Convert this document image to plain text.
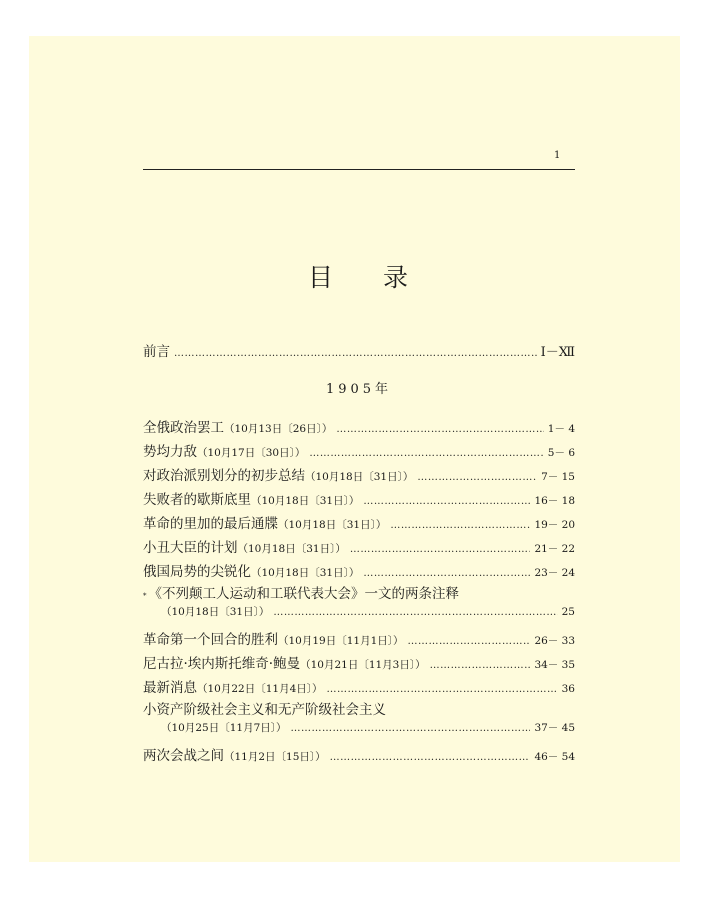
1
目 录
前言 ………………………………………………………………………………………………………………………………	Ⅰ－Ⅻ
1905年
全俄政治罢工 （10月13日〔26日〕） ………………………………………………………………………………………………………………………………	1－ 4
势均力敌 （10月17日〔30日〕） ………………………………………………………………………………………………………………………………	5－ 6
对政治派别划分的初步总结 （10月18日〔31日〕） ………………………………………………………………………………………………………………………………	7－ 15
失败者的歇斯底里 （10月18日〔31日〕） ………………………………………………………………………………………………………………………………	16－ 18
革命的里加的最后通牒 （10月18日〔31日〕） ………………………………………………………………………………………………………………………………	19－ 20
小丑大臣的计划 （10月18日〔31日〕） ………………………………………………………………………………………………………………………………	21－ 22
俄国局势的尖锐化 （10月18日〔31日〕） ………………………………………………………………………………………………………………………………	23－ 24
* 《不列颠工人运动和工联代表大会》一文的两条注释
（10月18日〔31日〕） ………………………………………………………………………………………………………………………………	25
革命第一个回合的胜利 （10月19日〔11月1日〕） ………………………………………………………………………………………………………………………………	26－ 33
尼古拉·埃内斯托维奇·鲍曼 （10月21日〔11月3日〕） ………………………………………………………………………………………………………………………………	34－ 35
最新消息 （10月22日〔11月4日〕） ………………………………………………………………………………………………………………………………	36
小资产阶级社会主义和无产阶级社会主义
（10月25日〔11月7日〕） ………………………………………………………………………………………………………………………………	37－ 45
两次会战之间 （11月2日〔15日〕） ………………………………………………………………………………………………………………………………	46－ 54
